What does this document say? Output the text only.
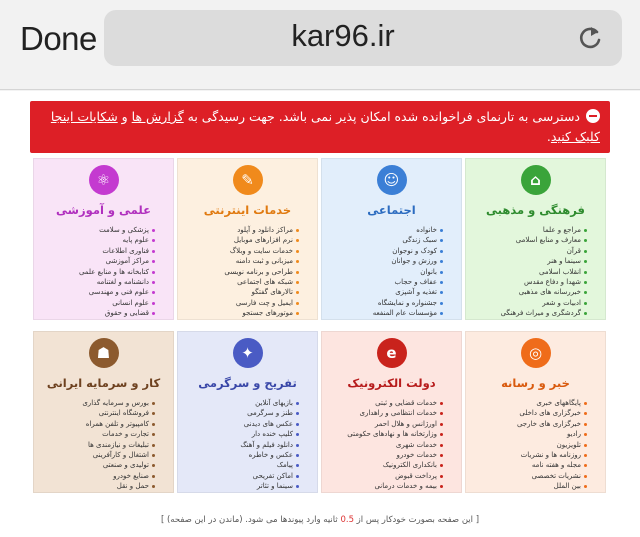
Done	kar96.ir
دسترسی به تارنمای فراخوانده شده امکان پذیر نمی باشد. جهت رسیدگی به گزارش ها و شکایات اینجا کلیک کنید.
⌂
فرهنگی و مذهبی
مراجع و علما
معارف و منابع اسلامی
قرآن
سینما و هنر
انقلاب اسلامی
شهدا و دفاع مقدس
خبررسانه های مذهبی
ادبیات و شعر
گردشگری و میراث فرهنگی
☺
اجتماعی
خانواده
سبک زندگی
کودک و نوجوان
ورزش و جوانان
بانوان
عفاف و حجاب
تغذیه و آشپزی
جشنواره و نمایشگاه
مؤسسات عام المنفعه
✎
خدمات اینترنتی
مراکز دانلود و آپلود
نرم افزارهای موبایل
خدمات سایت و وبلاگ
میزبانی و ثبت دامنه
طراحی و برنامه نویسی
شبکه های اجتماعی
تالارهای گفتگو
ایمیل و چت فارسی
موتورهای جستجو
⚛
علمی و آموزشی
پزشکی و سلامت
علوم پایه
فناوری اطلاعات
مراکز آموزشی
کتابخانه ها و منابع علمی
دانشنامه و لغتنامه
علوم فنی و مهندسی
علوم انسانی
قضایی و حقوق
◎
خبر و رسانه
پایگاههای خبری
خبرگزاری های داخلی
خبرگزاری های خارجی
رادیو
تلویزیون
روزنامه ها و نشریات
مجله و هفته نامه
نشریات تخصصی
بین الملل
e
دولت الکترونیک
خدمات قضایی و ثبتی
خدمات انتظامی و راهداری
اورژانس و هلال احمر
وزارتخانه ها و نهادهای حکومتی
خدمات شهری
خدمات خودرو
بانکداری الکترونیک
پرداخت قبوض
بیمه و خدمات درمانی
✦
تفریح و سرگرمی
بازیهای آنلاین
طنز و سرگرمی
عکس های دیدنی
کلیپ خنده دار
دانلود فیلم و آهنگ
عکس و خاطره
پیامک
اماکن تفریحی
سینما و تئاتر
☗
کار و سرمایه ایرانی
بورس و سرمایه گذاری
فروشگاه اینترنتی
کامپیوتر و تلفن همراه
تجارت و خدمات
تبلیغات و نیازمندی ها
اشتغال و کارآفرینی
تولیدی و صنعتی
صنایع خودرو
حمل و نقل
[ این صفحه بصورت خودکار پس از 0.5 ثانیه وارد پیوندها می شود. (ماندن در این صفحه) ]
